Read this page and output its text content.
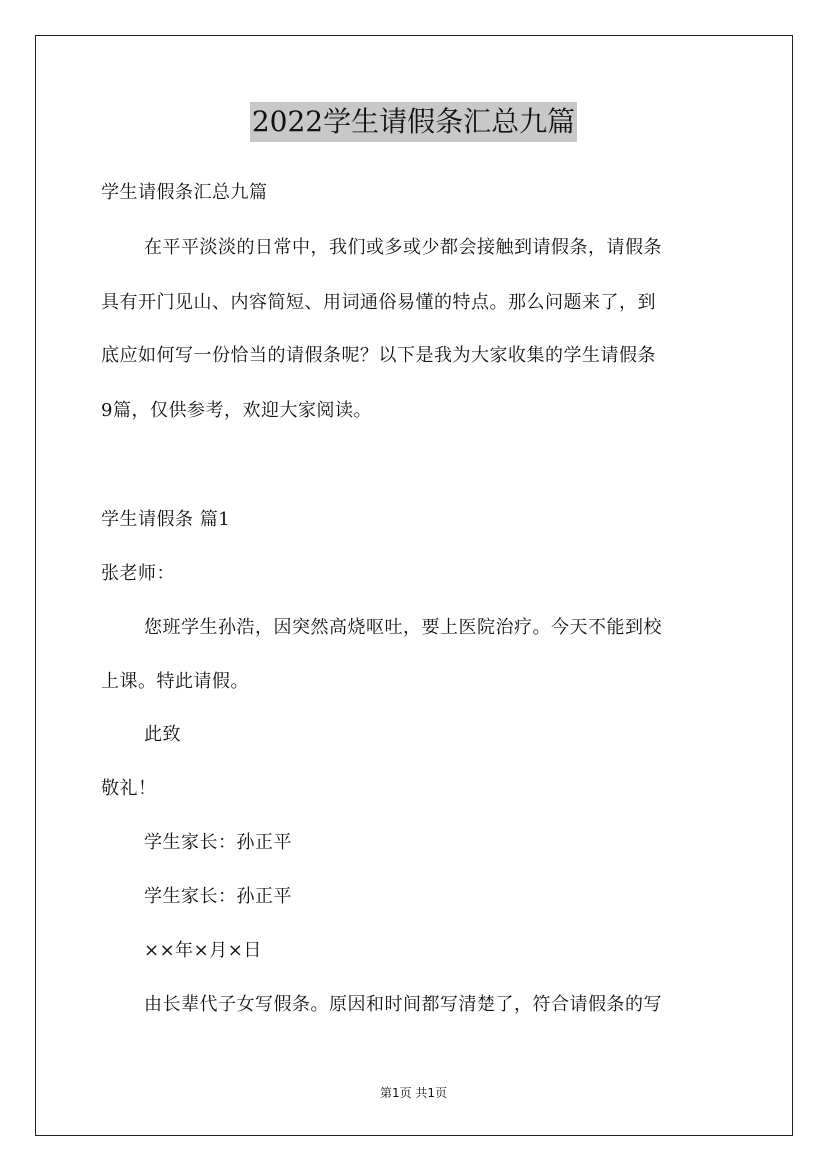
2022学生请假条汇总九篇
学生请假条汇总九篇
在平平淡淡的日常中，我们或多或少都会接触到请假条，请假条
具有开门见山、内容简短、用词通俗易懂的特点。那么问题来了，到
底应如何写一份恰当的请假条呢？以下是我为大家收集的学生请假条
9篇，仅供参考，欢迎大家阅读。
学生请假条 篇1
张老师：
您班学生孙浩，因突然高烧呕吐，要上医院治疗。今天不能到校
上课。特此请假。
此致
敬礼！
学生家长：孙正平
学生家长：孙正平
××年×月×日
由长辈代子女写假条。原因和时间都写清楚了，符合请假条的写
第1页 共1页
